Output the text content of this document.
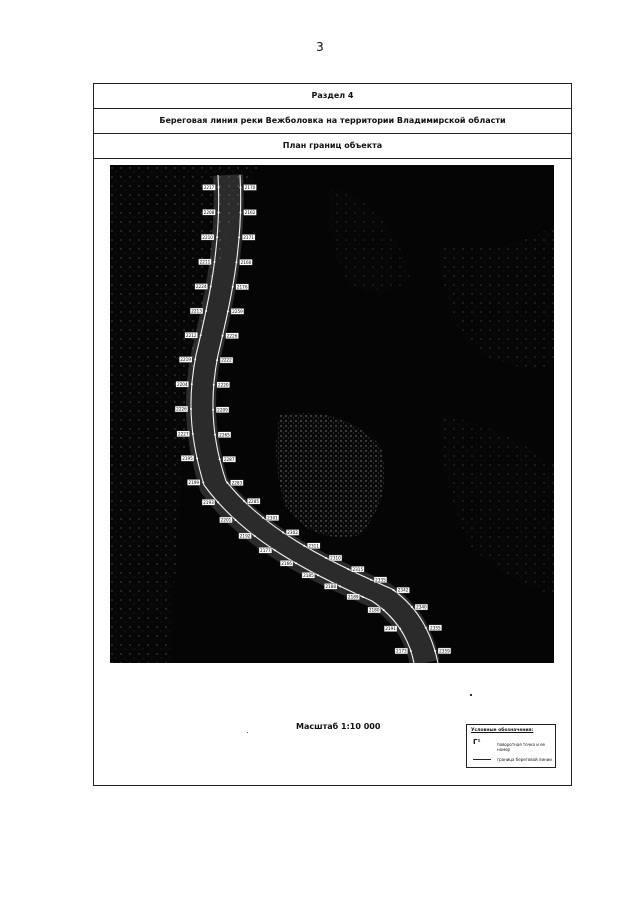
3
Раздел 4
Береговая линия реки Вежболовка на территории Владимирской области
План границ объекта
2217
2208
2210
2211
2224
2213
2212
2219
2204
2226
2227
2195
2199
2193
2201
2192
2177
2166
2185
2188
2189
2180
2191
2173
2170
2162
2171
2160
2176
2259
2226
2222
2220
2209
2265
2287
2283
2285
2301
2302
2311
2310
2315
2335
2342
2340
2355
2359
Масштаб 1:10 000	Условные обозначения:
Г¹	поворотная точка и ее номер
граница береговой линии
